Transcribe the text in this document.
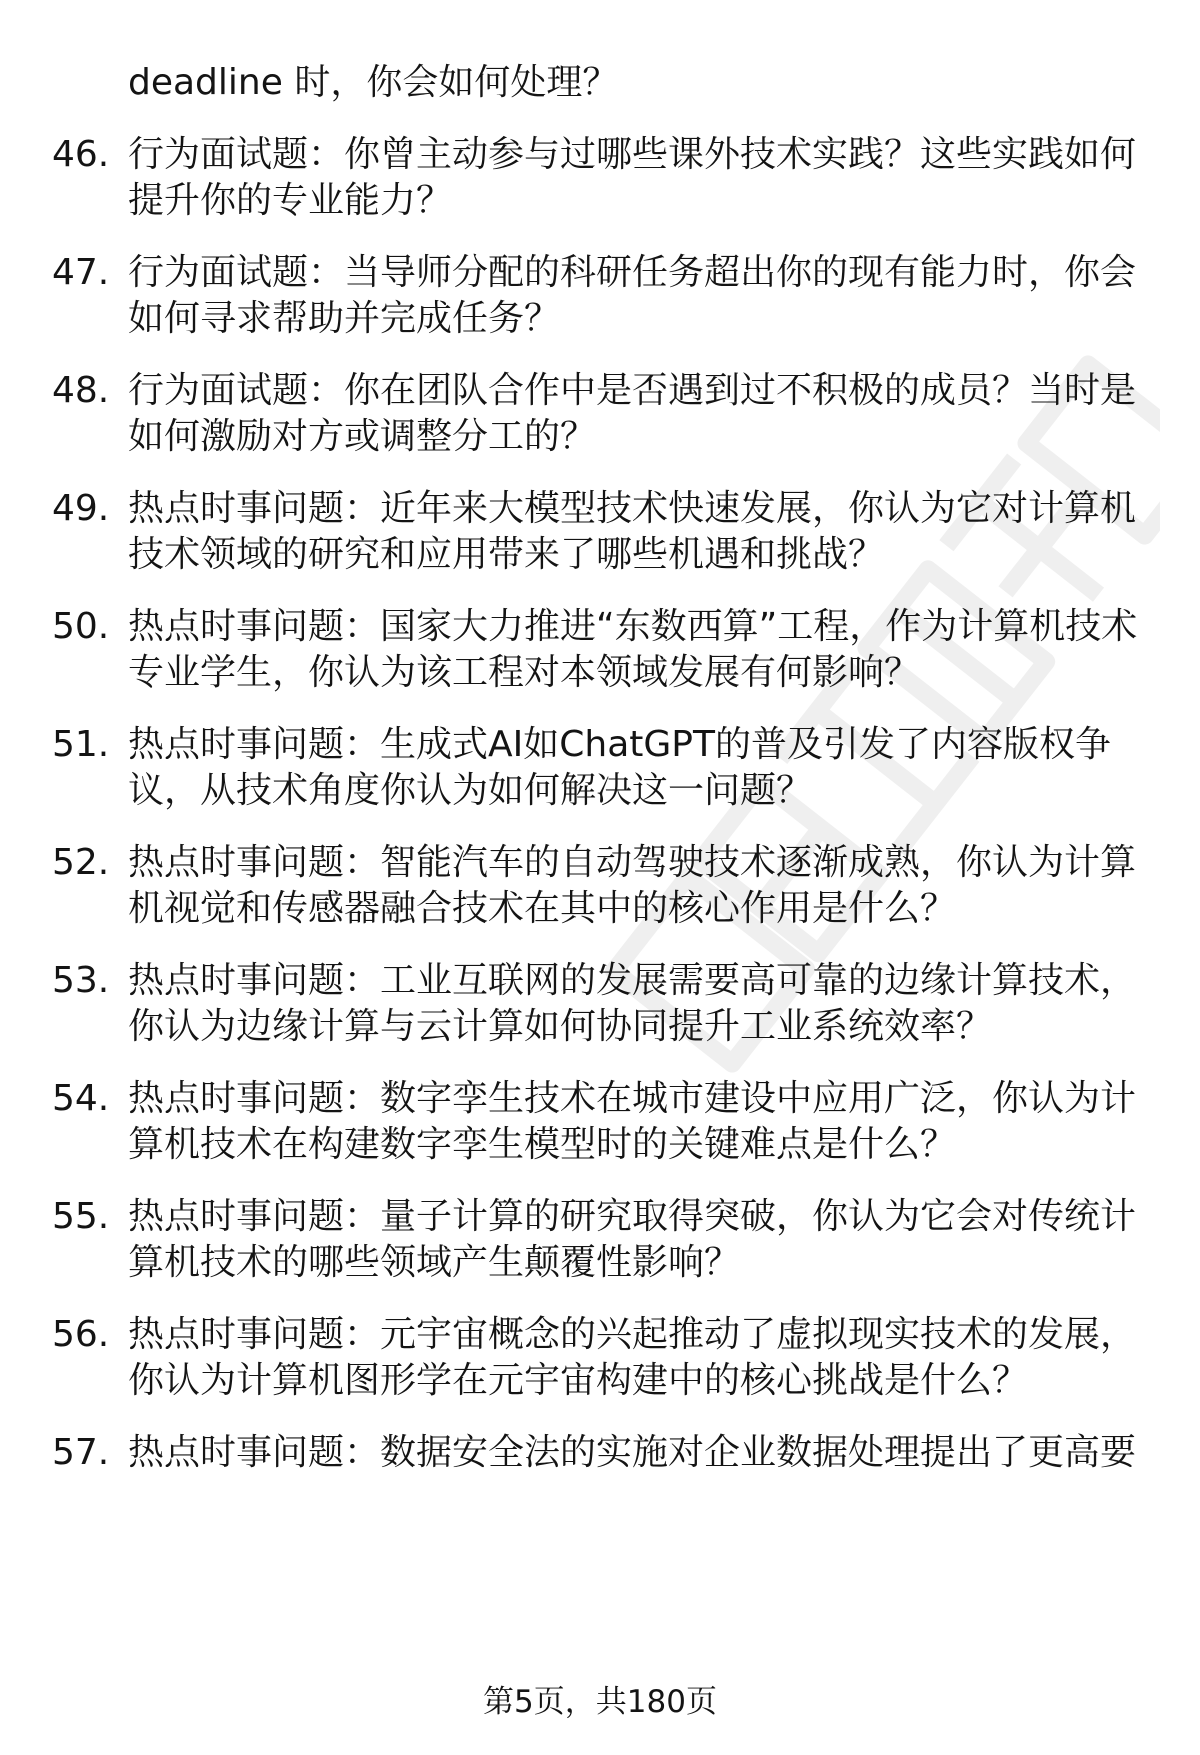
deadline 时，你会如何处理？
46. 行为面试题：你曾主动参与过哪些课外技术实践？这些实践如何提升你的专业能力？

47. 行为面试题：当导师分配的科研任务超出你的现有能力时，你会如何寻求帮助并完成任务？

48. 行为面试题：你在团队合作中是否遇到过不积极的成员？当时是如何激励对方或调整分工的？

49. 热点时事问题：近年来大模型技术快速发展，你认为它对计算机技术领域的研究和应用带来了哪些机遇和挑战？

50. 热点时事问题：国家大力推进“东数西算”工程，作为计算机技术专业学生，你认为该工程对本领域发展有何影响？

51. 热点时事问题：生成式AI如ChatGPT的普及引发了内容版权争议，从技术角度你认为如何解决这一问题？

52. 热点时事问题：智能汽车的自动驾驶技术逐渐成熟，你认为计算机视觉和传感器融合技术在其中的核心作用是什么？

53. 热点时事问题：工业互联网的发展需要高可靠的边缘计算技术，你认为边缘计算与云计算如何协同提升工业系统效率？

54. 热点时事问题：数字孪生技术在城市建设中应用广泛，你认为计算机技术在构建数字孪生模型时的关键难点是什么？

55. 热点时事问题：量子计算的研究取得突破，你认为它会对传统计算机技术的哪些领域产生颠覆性影响？

56. 热点时事问题：元宇宙概念的兴起推动了虚拟现实技术的发展，你认为计算机图形学在元宇宙构建中的核心挑战是什么？

57. 热点时事问题：数据安全法的实施对企业数据处理提出了更高要

第5页，共180页
